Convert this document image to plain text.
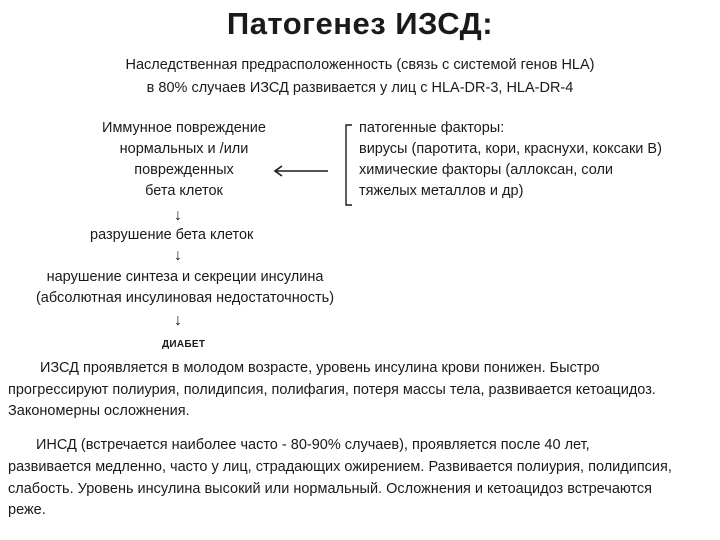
Патогенез ИЗСД:
Наследственная предрасположенность (связь с системой генов HLA)
в 80% случаев ИЗСД развивается у лиц с HLA-DR-3, HLA-DR-4
Иммунное повреждение
нормальных и /или
поврежденных
бета клеток
патогенные факторы:
вирусы (паротита, кори, краснухи, коксаки В)
химические факторы (аллоксан, соли
тяжелых металлов и др)
↓
разрушение бета клеток
↓
нарушение синтеза и секреции инсулина
(абсолютная инсулиновая недостаточность)
↓
ДИАБЕТ
ИЗСД проявляется в молодом возрасте, уровень инсулина крови понижен. Быстро прогрессируют полиурия, полидипсия, полифагия, потеря массы тела, развивается кетоацидоз. Закономерны осложнения.
ИНСД (встречается наиболее часто - 80-90% случаев), проявляется после 40 лет,
развивается медленно, часто у лиц, страдающих ожирением. Развивается полиурия, полидипсия, слабость. Уровень инсулина высокий или нормальный. Осложнения и кетоацидоз встречаются реже.
